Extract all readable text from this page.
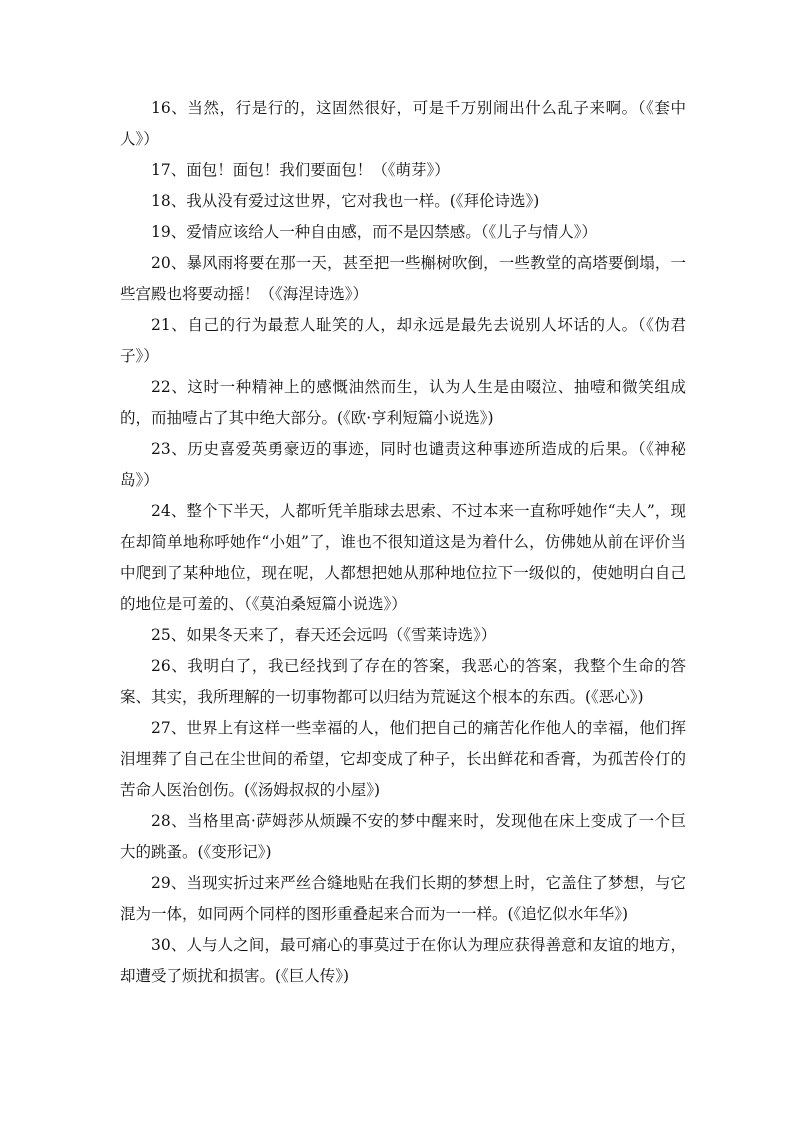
16、当然，行是行的，这固然很好，可是千万别闹出什么乱子来啊。（《套中人》）

17、面包！面包！我们要面包！（《萌芽》）

18、我从没有爱过这世界，它对我也一样。(《拜伦诗选》)

19、爱情应该给人一种自由感，而不是囚禁感。（《儿子与情人》）

20、暴风雨将要在那一天，甚至把一些槲树吹倒，一些教堂的高塔要倒塌，一些宫殿也将要动摇！（《海涅诗选》）

21、自己的行为最惹人耻笑的人，却永远是最先去说别人坏话的人。（《伪君子》）

22、这时一种精神上的感慨油然而生，认为人生是由啜泣、抽噎和微笑组成的，而抽噎占了其中绝大部分。(《欧·亨利短篇小说选》)

23、历史喜爱英勇豪迈的事迹，同时也谴责这种事迹所造成的后果。（《神秘岛》）

24、整个下半天，人都听凭羊脂球去思索、不过本来一直称呼她作“夫人”，现在却简单地称呼她作“小姐”了，谁也不很知道这是为着什么，仿佛她从前在评价当中爬到了某种地位，现在呢，人都想把她从那种地位拉下一级似的，使她明白自己的地位是可羞的、（《莫泊桑短篇小说选》）

25、如果冬天来了，春天还会远吗（《雪莱诗选》）

26、我明白了，我已经找到了存在的答案，我恶心的答案，我整个生命的答案、其实，我所理解的一切事物都可以归结为荒诞这个根本的东西。(《恶心》)

27、世界上有这样一些幸福的人，他们把自己的痛苦化作他人的幸福，他们挥泪埋葬了自己在尘世间的希望，它却变成了种子，长出鲜花和香膏，为孤苦伶仃的苦命人医治创伤。(《汤姆叔叔的小屋》)

28、当格里高·萨姆莎从烦躁不安的梦中醒来时，发现他在床上变成了一个巨大的跳蚤。(《变形记》)

29、当现实折过来严丝合缝地贴在我们长期的梦想上时，它盖住了梦想，与它混为一体，如同两个同样的图形重叠起来合而为一一样。(《追忆似水年华》)

30、人与人之间，最可痛心的事莫过于在你认为理应获得善意和友谊的地方，却遭受了烦扰和损害。(《巨人传》)
